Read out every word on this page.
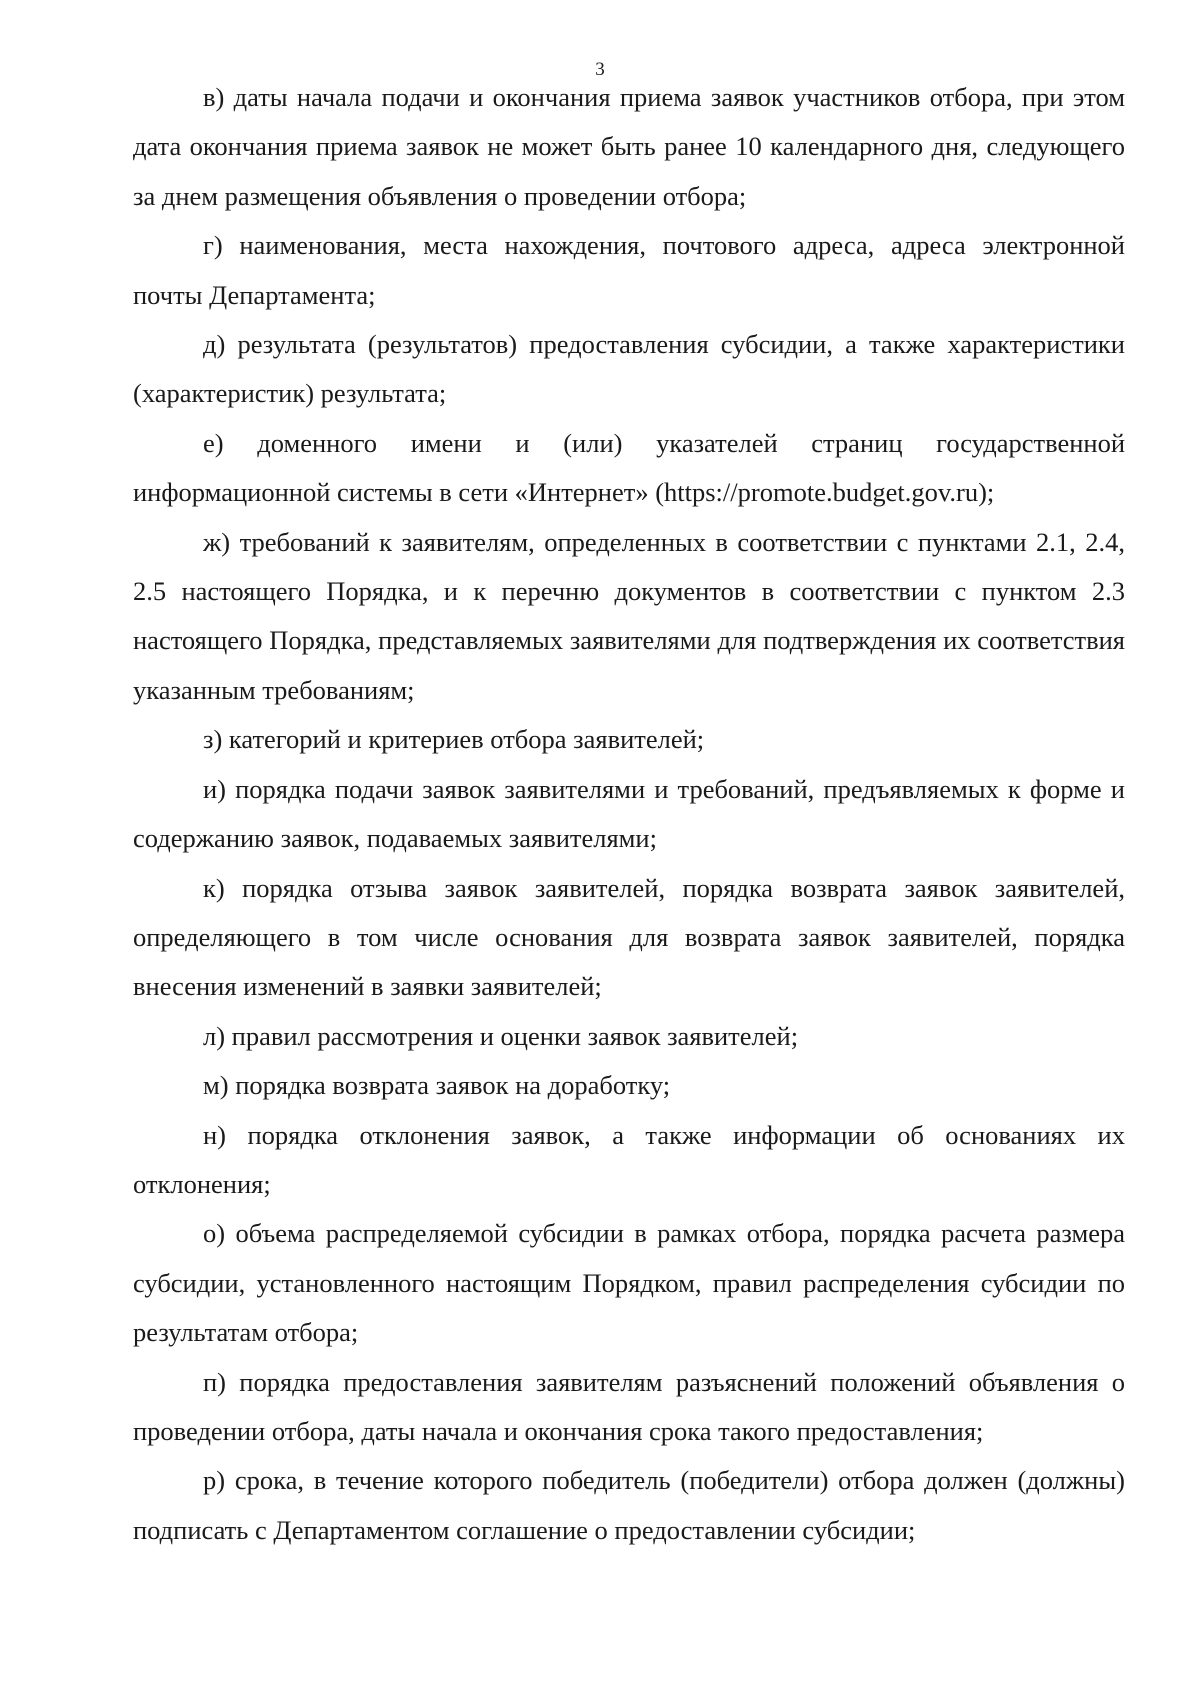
3

в) даты начала подачи и окончания приема заявок участников отбора, при этом дата окончания приема заявок не может быть ранее 10 календарного дня, следующего за днем размещения объявления о проведении отбора;

г) наименования, места нахождения, почтового адреса, адреса электронной почты Департамента;

д) результата (результатов) предоставления субсидии, а также характеристики (характеристик) результата;

е) доменного имени и (или) указателей страниц государственной информационной системы в сети «Интернет» (https://promote.budget.gov.ru);

ж) требований к заявителям, определенных в соответствии с пунктами 2.1, 2.4, 2.5 настоящего Порядка, и к перечню документов в соответствии с пунктом 2.3 настоящего Порядка, представляемых заявителями для подтверждения их соответствия указанным требованиям;

з) категорий и критериев отбора заявителей;

и) порядка подачи заявок заявителями и требований, предъявляемых к форме и содержанию заявок, подаваемых заявителями;

к) порядка отзыва заявок заявителей, порядка возврата заявок заявителей, определяющего в том числе основания для возврата заявок заявителей, порядка внесения изменений в заявки заявителей;

л) правил рассмотрения и оценки заявок заявителей;

м) порядка возврата заявок на доработку;

н) порядка отклонения заявок, а также информации об основаниях их отклонения;

о) объема распределяемой субсидии в рамках отбора, порядка расчета размера субсидии, установленного настоящим Порядком, правил распределения субсидии по результатам отбора;

п) порядка предоставления заявителям разъяснений положений объявления о проведении отбора, даты начала и окончания срока такого предоставления;

р) срока, в течение которого победитель (победители) отбора должен (должны) подписать с Департаментом соглашение о предоставлении субсидии;
